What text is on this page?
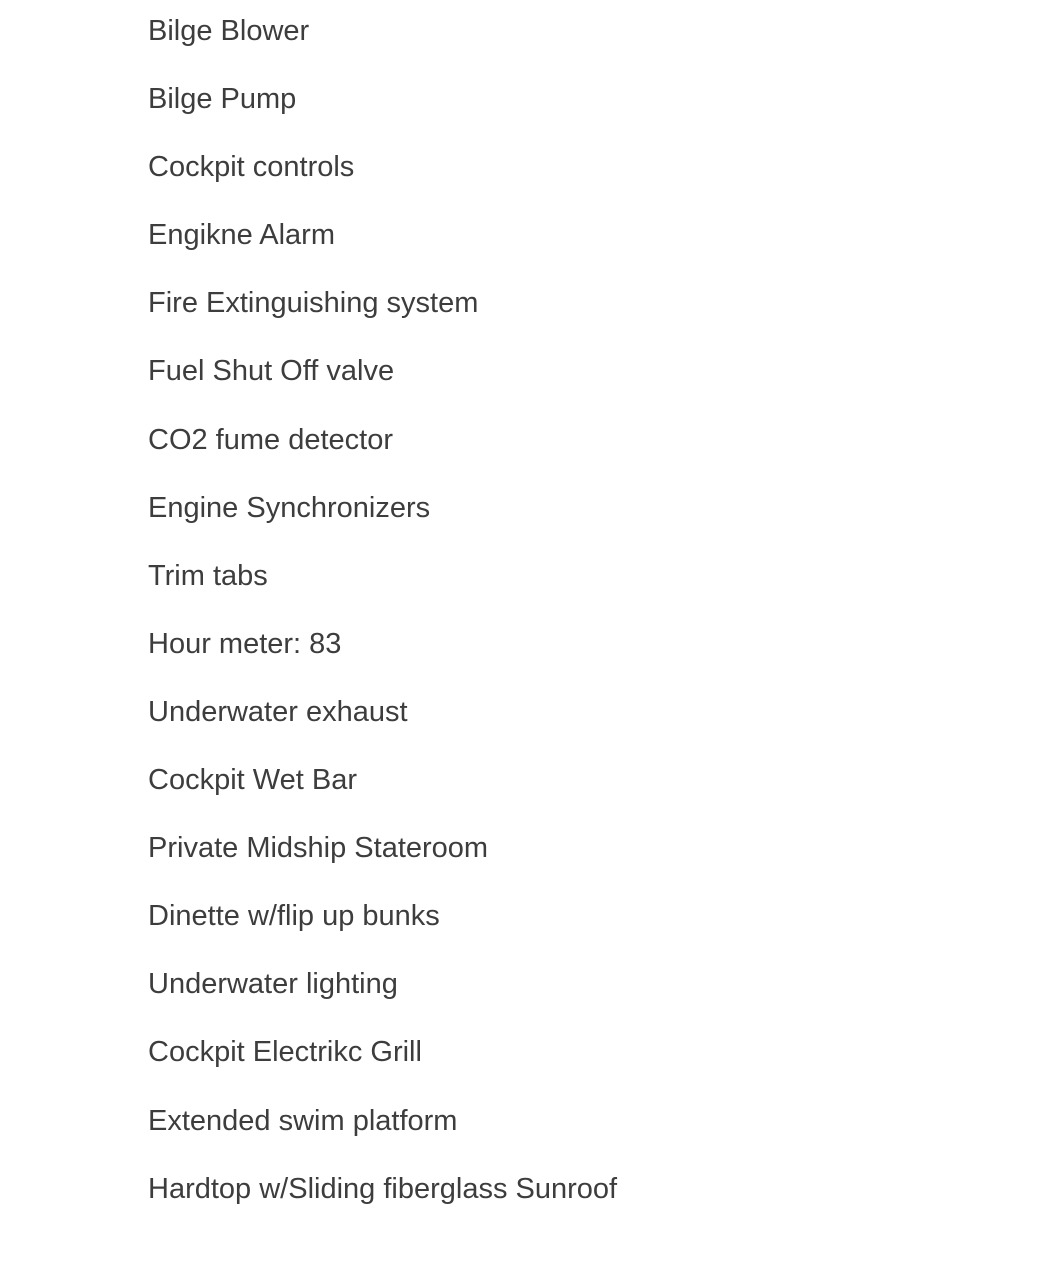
Bilge Blower
Bilge Pump
Cockpit controls
Engikne Alarm
Fire Extinguishing system
Fuel Shut Off valve
CO2 fume detector
Engine Synchronizers
Trim tabs
Hour meter: 83
Underwater exhaust
Cockpit Wet Bar
Private Midship Stateroom
Dinette w/flip up bunks
Underwater lighting
Cockpit Electrikc Grill
Extended swim platform
Hardtop w/Sliding fiberglass Sunroof
